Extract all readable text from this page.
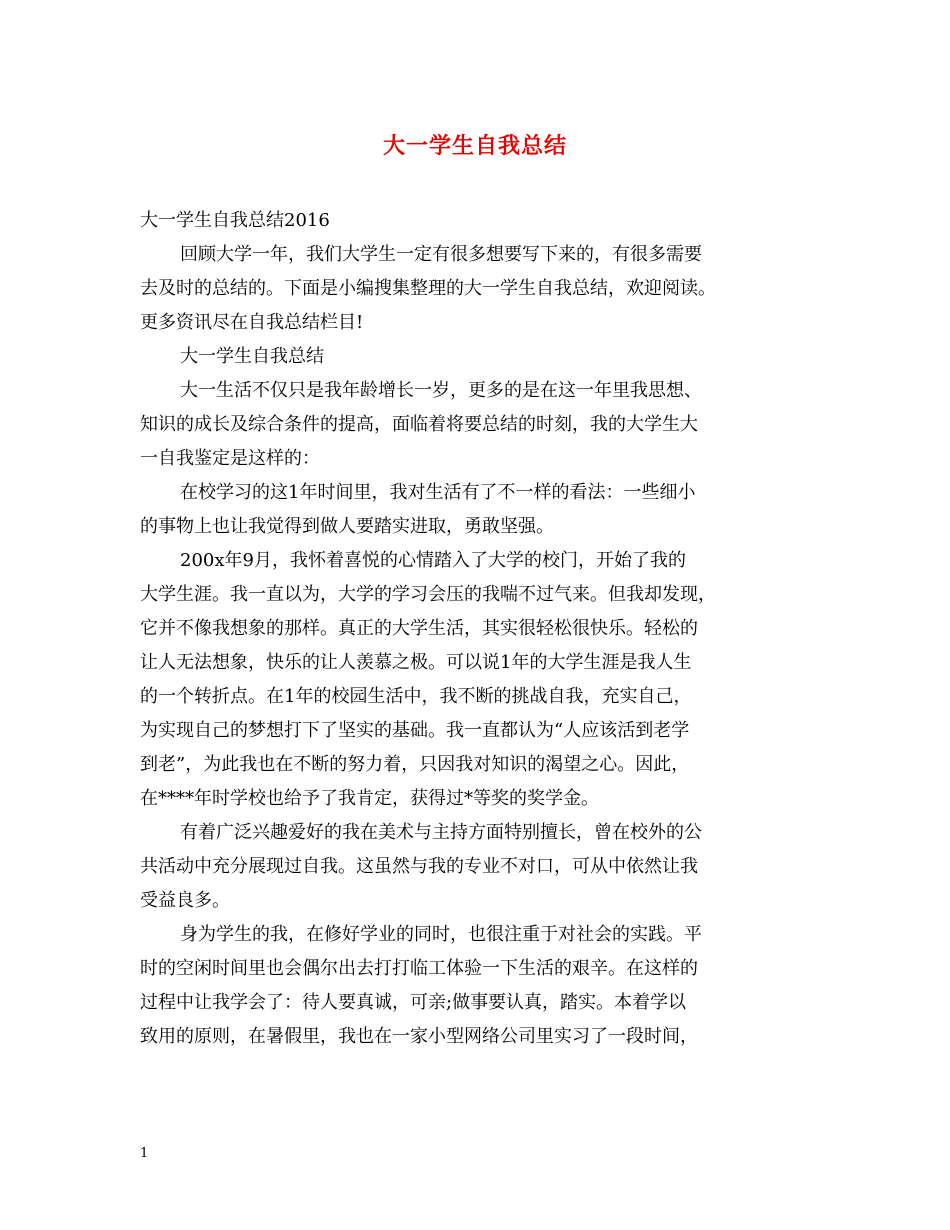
大一学生自我总结
大一学生自我总结2016
回顾大学一年，我们大学生一定有很多想要写下来的，有很多需要
去及时的总结的。下面是小编搜集整理的大一学生自我总结，欢迎阅读。
更多资讯尽在自我总结栏目!
大一学生自我总结
大一生活不仅只是我年龄增长一岁，更多的是在这一年里我思想、
知识的成长及综合条件的提高，面临着将要总结的时刻，我的大学生大
一自我鉴定是这样的：
在校学习的这1年时间里，我对生活有了不一样的看法：一些细小
的事物上也让我觉得到做人要踏实进取，勇敢坚强。
200x年9月，我怀着喜悦的心情踏入了大学的校门，开始了我的
大学生涯。我一直以为，大学的学习会压的我喘不过气来。但我却发现，
它并不像我想象的那样。真正的大学生活，其实很轻松很快乐。轻松的
让人无法想象，快乐的让人羡慕之极。可以说1年的大学生涯是我人生
的一个转折点。在1年的校园生活中，我不断的挑战自我，充实自己，
为实现自己的梦想打下了坚实的基础。我一直都认为“人应该活到老学
到老”，为此我也在不断的努力着，只因我对知识的渴望之心。因此，
在****年时学校也给予了我肯定，获得过*等奖的奖学金。
有着广泛兴趣爱好的我在美术与主持方面特别擅长，曾在校外的公
共活动中充分展现过自我。这虽然与我的专业不对口，可从中依然让我
受益良多。
身为学生的我，在修好学业的同时，也很注重于对社会的实践。平
时的空闲时间里也会偶尔出去打打临工体验一下生活的艰辛。在这样的
过程中让我学会了：待人要真诚，可亲;做事要认真，踏实。本着学以
致用的原则，在暑假里，我也在一家小型网络公司里实习了一段时间，
1
